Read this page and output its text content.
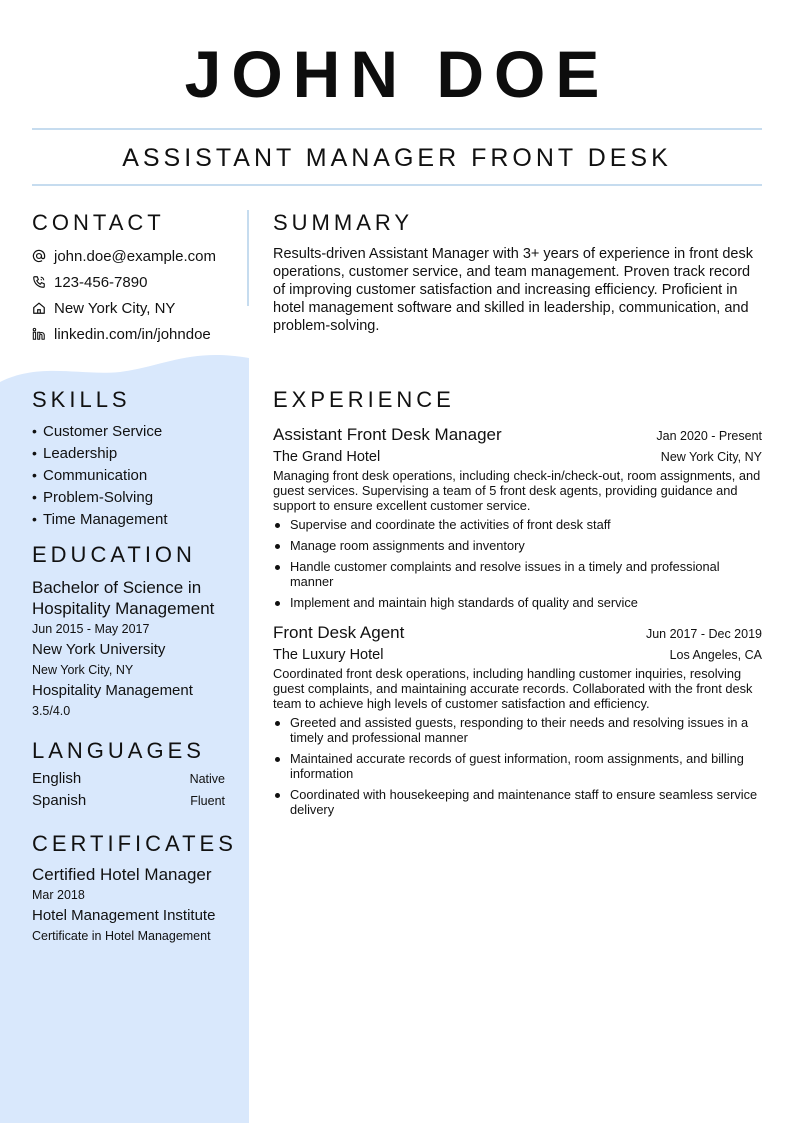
JOHN DOE
ASSISTANT MANAGER FRONT DESK
CONTACT
john.doe@example.com
123-456-7890
New York City, NY
linkedin.com/in/johndoe
SKILLS
• Customer Service
• Leadership
• Communication
• Problem-Solving
• Time Management
EDUCATION
Bachelor of Science in Hospitality Management
Jun 2015 - May 2017
New York University
New York City, NY
Hospitality Management
3.5/4.0
LANGUAGES
English	Native
Spanish	Fluent
CERTIFICATES
Certified Hotel Manager
Mar 2018
Hotel Management Institute
Certificate in Hotel Management
SUMMARY
Results-driven Assistant Manager with 3+ years of experience in front desk operations, customer service, and team management. Proven track record of improving customer satisfaction and increasing efficiency. Proficient in hotel management software and skilled in leadership, communication, and problem-solving.
EXPERIENCE
Assistant Front Desk Manager	Jan 2020 - Present
The Grand Hotel	New York City, NY
Managing front desk operations, including check-in/check-out, room assignments, and guest services. Supervising a team of 5 front desk agents, providing guidance and support to ensure excellent customer service.
Supervise and coordinate the activities of front desk staff
Manage room assignments and inventory
Handle customer complaints and resolve issues in a timely and professional manner
Implement and maintain high standards of quality and service
Front Desk Agent	Jun 2017 - Dec 2019
The Luxury Hotel	Los Angeles, CA
Coordinated front desk operations, including handling customer inquiries, resolving guest complaints, and maintaining accurate records. Collaborated with the front desk team to achieve high levels of customer satisfaction and efficiency.
Greeted and assisted guests, responding to their needs and resolving issues in a timely and professional manner
Maintained accurate records of guest information, room assignments, and billing information
Coordinated with housekeeping and maintenance staff to ensure seamless service delivery
